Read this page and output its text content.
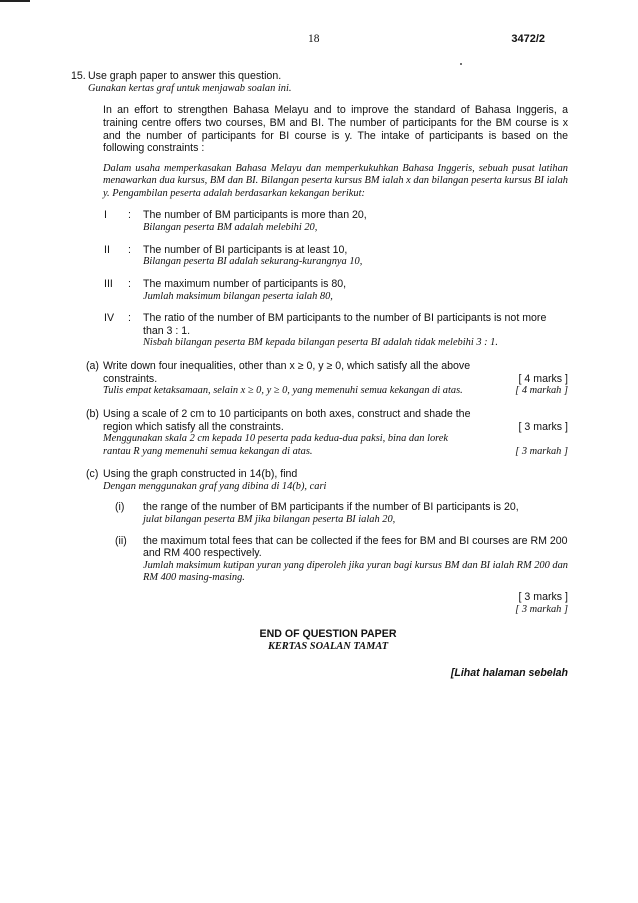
18	3472/2
15. Use graph paper to answer this question.

Gunakan kertas graf untuk menjawab soalan ini.

In an effort to strengthen Bahasa Melayu and to improve the standard of Bahasa Inggeris, a training centre offers two courses, BM and BI. The number of participants for the BM course is x and the number of participants for BI course is y. The intake of participants is based on the following constraints :

Dalam usaha memperkasakan Bahasa Melayu dan memperkukuhkan Bahasa Inggeris, sebuah pusat latihan menawarkan dua kursus, BM dan BI. Bilangan peserta kursus BM ialah x dan bilangan peserta kursus BI ialah y. Pengambilan peserta adalah berdasarkan kekangan berikut:

I : The number of BM participants is more than 20,

Bilangan peserta BM adalah melebihi 20,

II : The number of BI participants is at least 10,

Bilangan peserta BI adalah sekurang-kurangnya 10,

III : The maximum number of participants is 80,

Jumlah maksimum bilangan peserta ialah 80,

IV : The ratio of the number of BM participants to the number of BI participants is not more than 3 : 1.

Nisbah bilangan peserta BM kepada bilangan peserta BI adalah tidak melebihi 3 : 1.

(a) Write down four inequalities, other than x ≥ 0, y ≥ 0, which satisfy all the above constraints.	[ 4 marks ]

Tulis empat ketaksamaan, selain x ≥ 0, y ≥ 0, yang memenuhi semua kekangan di atas.	[ 4 markah ]
(b) Using a scale of 2 cm to 10 participants on both axes, construct and shade the region which satisfy all the constraints.	[ 3 marks ]

Menggunakan skala 2 cm kepada 10 peserta pada kedua-dua paksi, bina dan lorek rantau R yang memenuhi semua kekangan di atas.	[ 3 markah ]
(c) Using the graph constructed in 14(b), find

Dengan menggunakan graf yang dibina di 14(b), cari

(i) the range of the number of BM participants if the number of BI participants is 20,

julat bilangan peserta BM jika bilangan peserta BI ialah 20,

(ii) the maximum total fees that can be collected if the fees for BM and BI courses are RM 200 and RM 400 respectively.

Jumlah maksimum kutipan yuran yang diperoleh jika yuran bagi kursus BM dan BI ialah RM 200 dan RM 400 masing-masing.

[ 3 marks ]

[ 3 markah ]

END OF QUESTION PAPER

KERTAS SOALAN TAMAT

[Lihat halaman sebelah
